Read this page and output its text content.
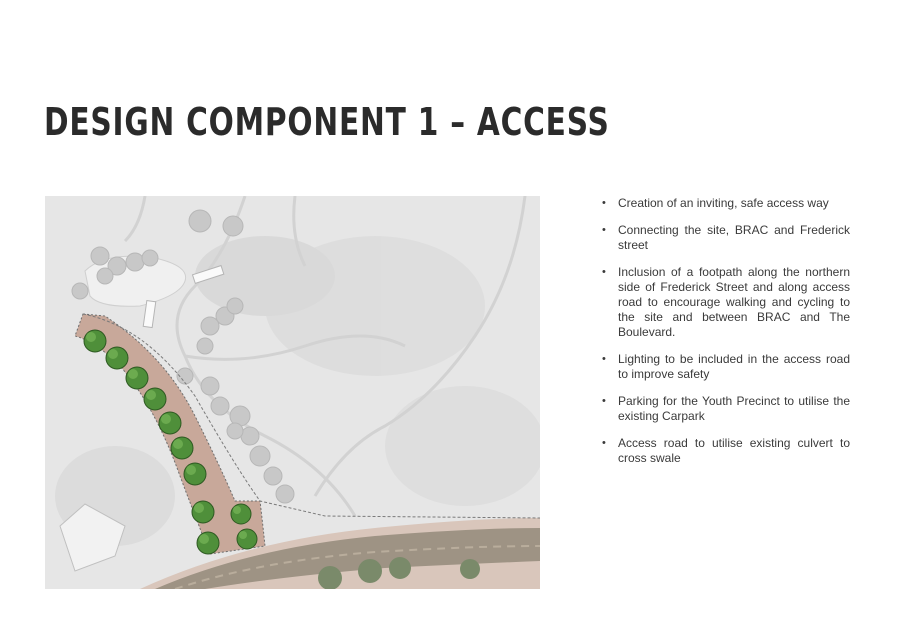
DESIGN COMPONENT 1 – ACCESS
• Creation of an inviting, safe access way
• Connecting the site, BRAC and Frederick street
• Inclusion of a footpath along the northern side of Frederick Street and along access road to encourage walking and cycling to the site and between BRAC and The Boulevard.
• Lighting to be included in the access road to improve safety
• Parking for the Youth Precinct to utilise the existing Carpark
• Access road to utilise existing culvert to cross swale
